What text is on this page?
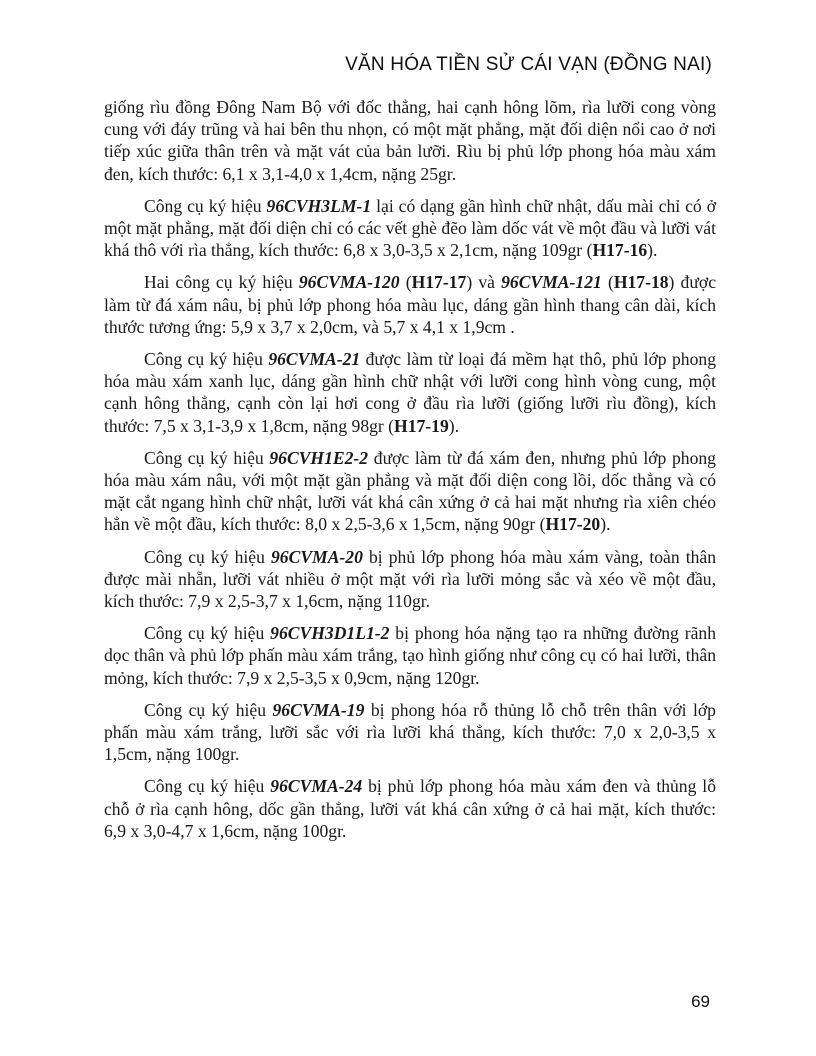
VĂN HÓA TIỀN SỬ CÁI VẠN (ĐỒNG NAI)

giống rìu đồng Đông Nam Bộ với đốc thẳng, hai cạnh hông lõm, rìa lưỡi cong vòng cung với đáy trũng và hai bên thu nhọn, có một mặt phẳng, mặt đối diện nổi cao ở nơi tiếp xúc giữa thân trên và mặt vát của bản lưỡi. Rìu bị phủ lớp phong hóa màu xám đen, kích thước: 6,1 x 3,1-4,0 x 1,4cm, nặng 25gr.

Công cụ ký hiệu 96CVH3LM-1 lại có dạng gần hình chữ nhật, dấu mài chỉ có ở một mặt phẳng, mặt đối diện chỉ có các vết ghè đẽo làm dốc vát về một đầu và lưỡi vát khá thô với rìa thẳng, kích thước: 6,8 x 3,0-3,5 x 2,1cm, nặng 109gr (H17-16).

Hai công cụ ký hiệu 96CVMA-120 (H17-17) và 96CVMA-121 (H17-18) được làm từ đá xám nâu, bị phủ lớp phong hóa màu lục, dáng gần hình thang cân dài, kích thước tương ứng: 5,9 x 3,7 x 2,0cm, và 5,7 x 4,1 x 1,9cm .

Công cụ ký hiệu 96CVMA-21 được làm từ loại đá mềm hạt thô, phủ lớp phong hóa màu xám xanh lục, dáng gần hình chữ nhật với lưỡi cong hình vòng cung, một cạnh hông thẳng, cạnh còn lại hơi cong ở đầu rìa lưỡi (giống lưỡi rìu đồng), kích thước: 7,5 x 3,1-3,9 x 1,8cm, nặng 98gr (H17-19).

Công cụ ký hiệu 96CVH1E2-2 được làm từ đá xám đen, nhưng phủ lớp phong hóa màu xám nâu, với một mặt gần phẳng và mặt đối diện cong lồi, dốc thẳng và có mặt cắt ngang hình chữ nhật, lưỡi vát khá cân xứng ở cả hai mặt nhưng rìa xiên chéo hẳn về một đầu, kích thước: 8,0 x 2,5-3,6 x 1,5cm, nặng 90gr (H17-20).

Công cụ ký hiệu 96CVMA-20 bị phủ lớp phong hóa màu xám vàng, toàn thân được mài nhẵn, lưỡi vát nhiều ở một mặt với rìa lưỡi mỏng sắc và xéo về một đầu, kích thước: 7,9 x 2,5-3,7 x 1,6cm, nặng 110gr.

Công cụ ký hiệu 96CVH3D1L1-2 bị phong hóa nặng tạo ra những đường rãnh dọc thân và phủ lớp phấn màu xám trắng, tạo hình giống như công cụ có hai lưỡi, thân mỏng, kích thước: 7,9 x 2,5-3,5 x 0,9cm, nặng 120gr.

Công cụ ký hiệu 96CVMA-19 bị phong hóa rỗ thủng lỗ chỗ trên thân với lớp phấn màu xám trắng, lưỡi sắc với rìa lưỡi khá thẳng, kích thước: 7,0 x 2,0-3,5 x 1,5cm, nặng 100gr.

Công cụ ký hiệu 96CVMA-24 bị phủ lớp phong hóa màu xám đen và thủng lỗ chỗ ở rìa cạnh hông, dốc gần thẳng, lưỡi vát khá cân xứng ở cả hai mặt, kích thước: 6,9 x 3,0-4,7 x 1,6cm, nặng 100gr.

69
